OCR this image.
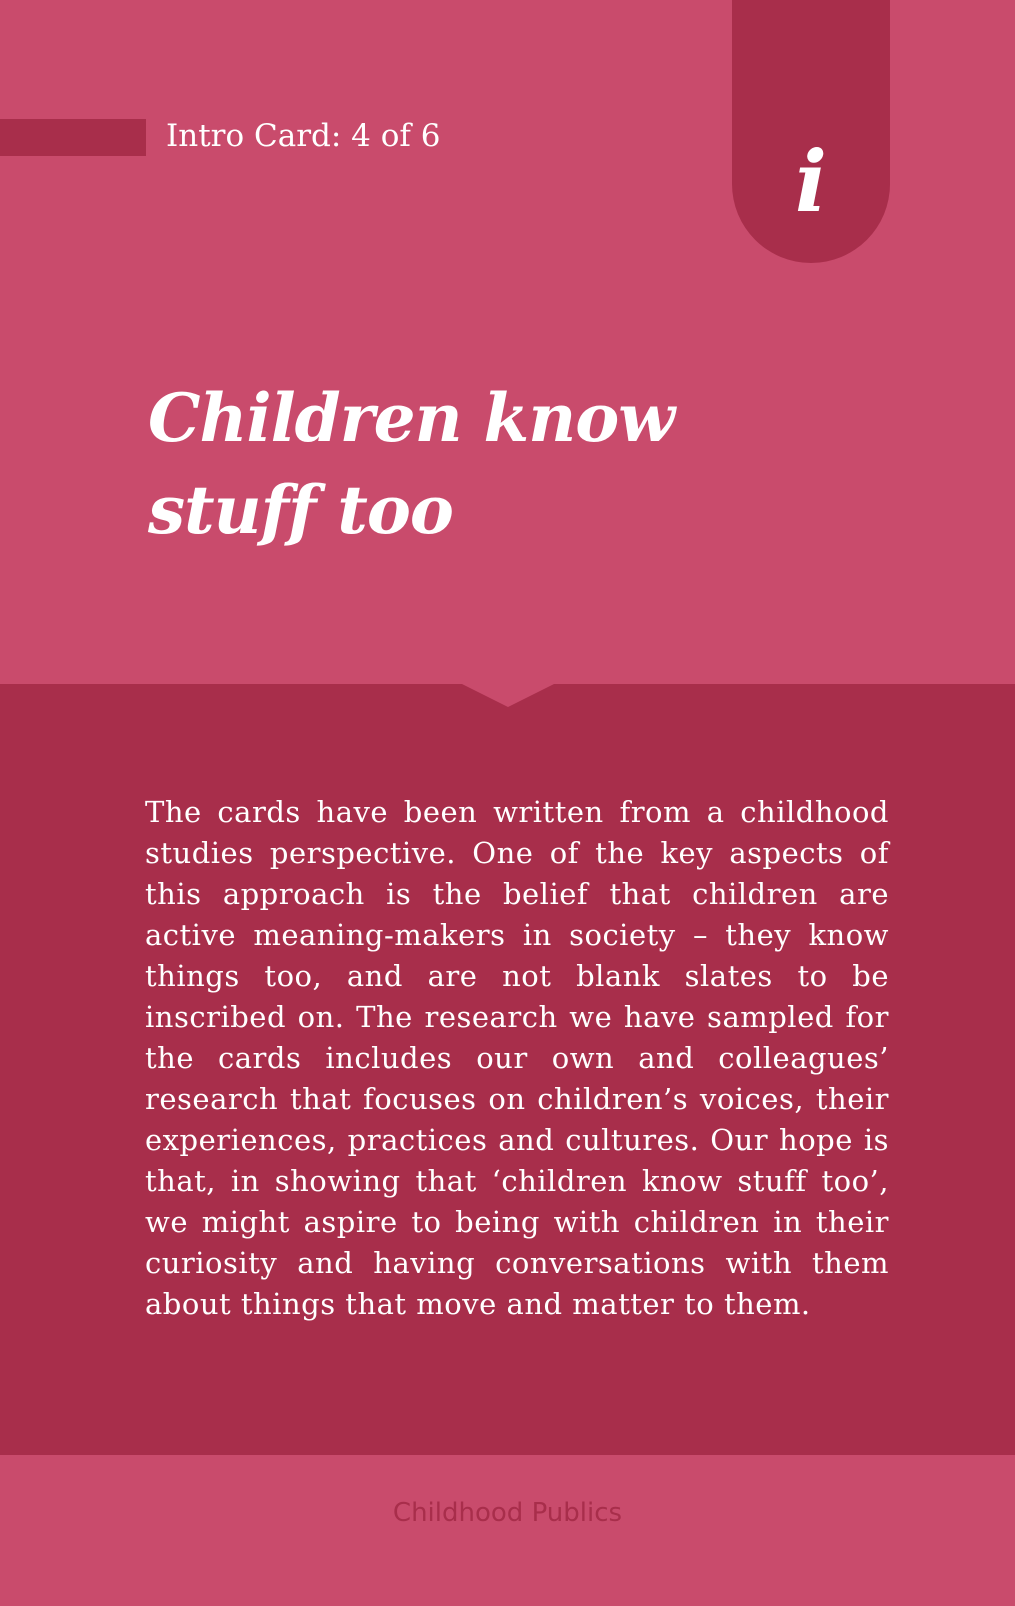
Intro Card: 4 of 6	i
Children know stuff too

The cards have been written from a childhood studies perspective. One of the key aspects of this approach is the belief that children are active meaning-makers in society – they know things too, and are not blank slates to be inscribed on. The research we have sampled for the cards includes our own and colleagues’ research that focuses on children’s voices, their experiences, practices and cultures. Our hope is that, in showing that ‘children know stuff too’, we might aspire to being with children in their curiosity and having conversations with them about things that move and matter to them.

Childhood Publics
